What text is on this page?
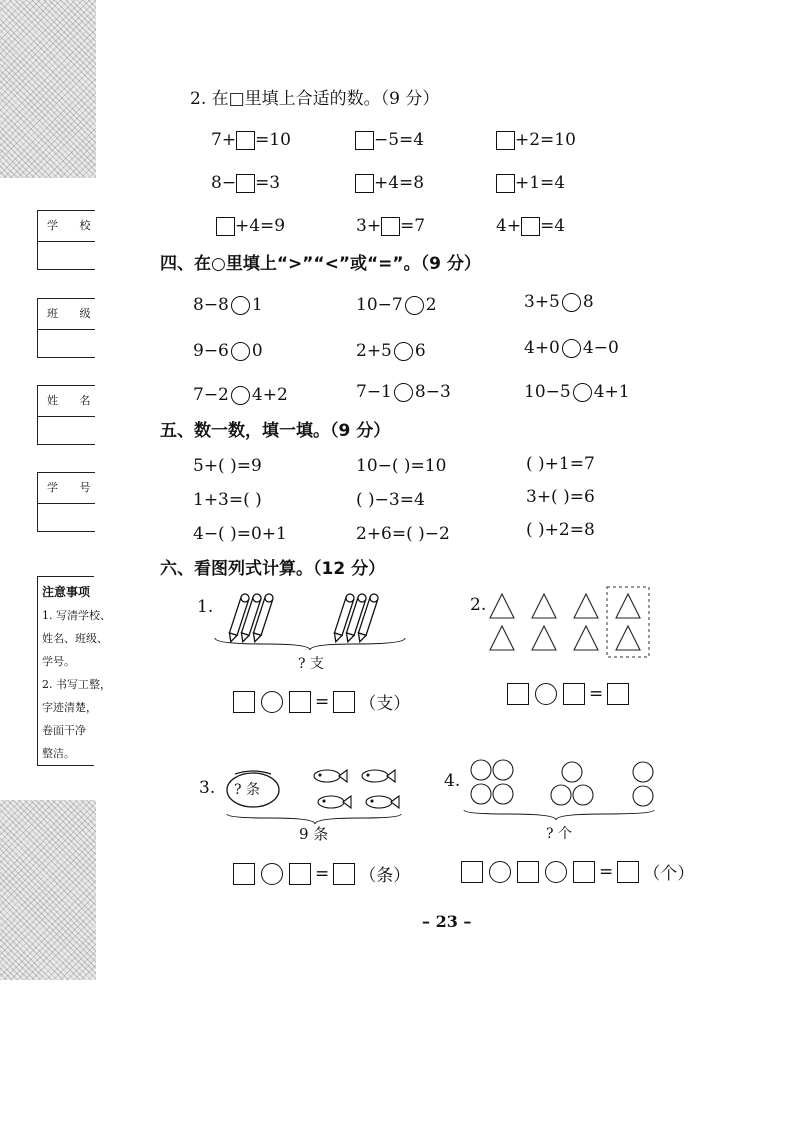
学 校
班 级
姓 名
学 号
注意事项
1. 写清学校、
姓名、班级、
学号。
2. 书写工整，
字迹清楚，
卷面干净
整洁。
2. 在□里填上合适的数。（9 分）
7+ =10	−5=4	+2=10
8− =3	+4=8	+1=4
+4=9	3+ =7	4+ =4
四、在○里填上“>”“<”或“=”。（9 分）
8−8 1	10−7 2	3+5 8
9−6 0	2+5 6	4+0 4−0
7−2 4+2	7−1 8−3	10−5 4+1
五、数一数，填一填。（9 分）
5+( )=9	10−( )=10	( )+1=7
1+3=( )	( )−3=4	3+( )=6
4−( )=0+1	2+6=( )−2	( )+2=8
六、看图列式计算。（12 分）
1.
? 支
= （支）
2.
=
3. ? 条
9 条
= （条）
4.
? 个
= （个）
– 23 –
